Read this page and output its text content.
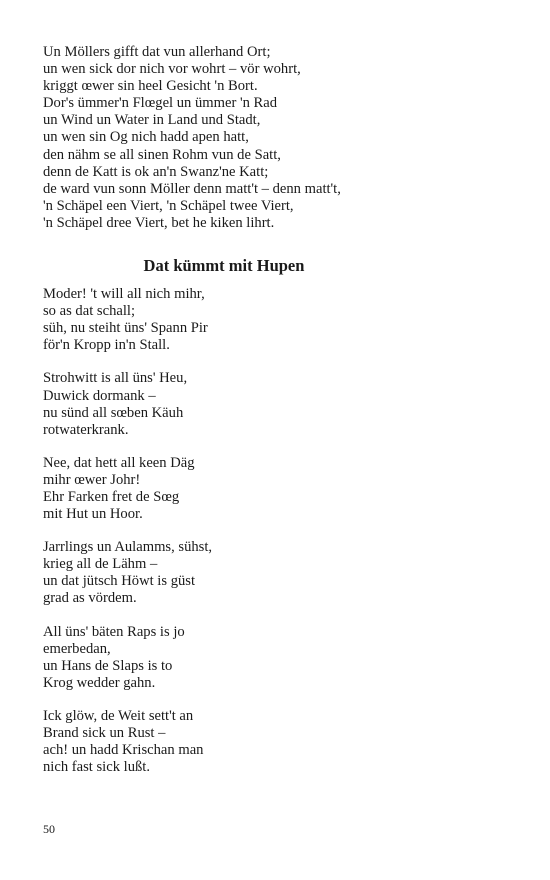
Un Möllers gifft dat vun allerhand Ort;
un wen sick dor nich vor wohrt – vör wohrt,
kriggt œwer sin heel Gesicht 'n Bort.
Dor's ümmer'n Flœgel un ümmer 'n Rad
un Wind un Water in Land und Stadt,
un wen sin Og nich hadd apen hatt,
den nähm se all sinen Rohm vun de Satt,
denn de Katt is ok an'n Swanz'ne Katt;
de ward vun sonn Möller denn matt't – denn matt't,
'n Schäpel een Viert, 'n Schäpel twee Viert,
'n Schäpel dree Viert, bet he kiken lihrt.
Dat kümmt mit Hupen
Moder! 't will all nich mihr,
so as dat schall;
süh, nu steiht üns' Spann Pir
för'n Kropp in'n Stall.
Strohwitt is all üns' Heu,
Duwick dormank –
nu sünd all sœben Käuh
rotwaterkrank.
Nee, dat hett all keen Däg
mihr œwer Johr!
Ehr Farken fret de Sœg
mit Hut un Hoor.
Jarrlings un Aulamms, sühst,
krieg all de Lähm –
un dat jütsch Höwt is güst
grad as vördem.
All üns' bäten Raps is jo
emerbedan,
un Hans de Slaps is to
Krog wedder gahn.
Ick glöw, de Weit sett't an
Brand sick un Rust –
ach! un hadd Krischan man
nich fast sick lußt.
50
